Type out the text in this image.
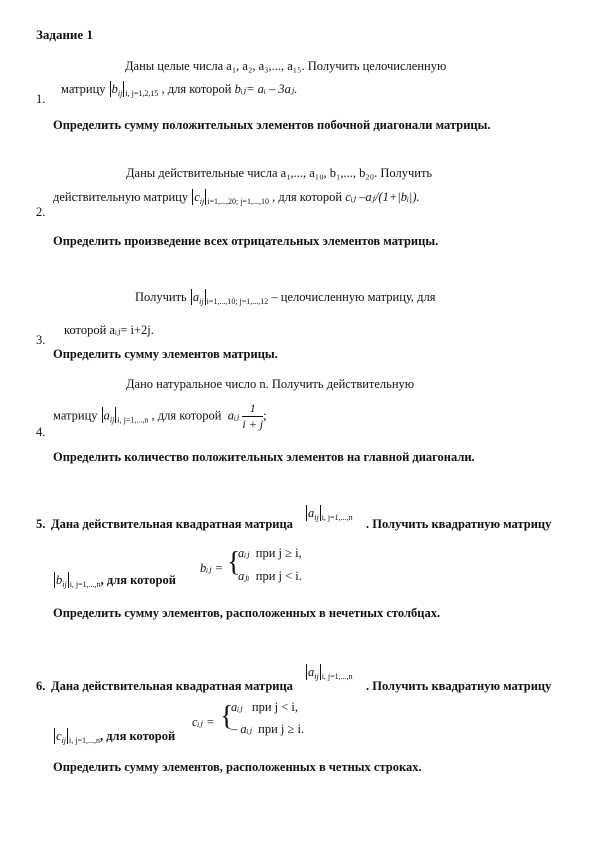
Задание 1
Даны целые числа a₁, a₂, a₃,..., a₁₅. Получить целочисленную
матрицу $b_{ij}$ $_{i, j=1,2,15}$ , для которой bᵢⱼ= aᵢ – 3aⱼ.
1.
Определить сумму положительных элементов побочной диагонали матрицы.
Даны действительные числа a₁,..., a₁₀, b₁,..., b₂₀. Получить
действительную матрицу $c_{ij}$ $_{i=1,...,20; j=1,...,10}$ , для которой cᵢⱼ –aⱼ/(1+|bᵢ|).
2.
Определить произведение всех отрицательных элементов матрицы.
Получить $a_{ij}$ $_{i=1,...,10; j=1,...,12}$ – целочисленную матрицу, для
которой aᵢⱼ= i+2j.
3.
Определить сумму элементов матрицы.
Дано натуральное число n. Получить действительную
матрицу $a_{ij}$ $_{i, j=1,...,n}$ , для которой aᵢⱼ $\frac{1}{i + j}$ ;
4.
Определить количество положительных элементов на главной диагонали.
5. Дана действительная квадратная матрица
$a_{ij}$ $_{i, j=1,...,n}$ . Получить квадратную матрицу
$b_{ij}$ $_{i, j=1,...,n}$, для которой
bᵢⱼ = {
aᵢⱼ при j ≥ i,
aⱼᵢ при j < i.
Определить сумму элементов, расположенных в нечетных столбцах.
6. Дана действительная квадратная матрица
$a_{ij}$ $_{i, j=1,...,n}$
. Получить квадратную матрицу
$c_{ij}$ $_{i, j=1,...,n}$, для которой
cᵢⱼ = {
aᵢⱼ при j < i,
– aᵢⱼ при j ≥ i.
Определить сумму элементов, расположенных в четных строках.
